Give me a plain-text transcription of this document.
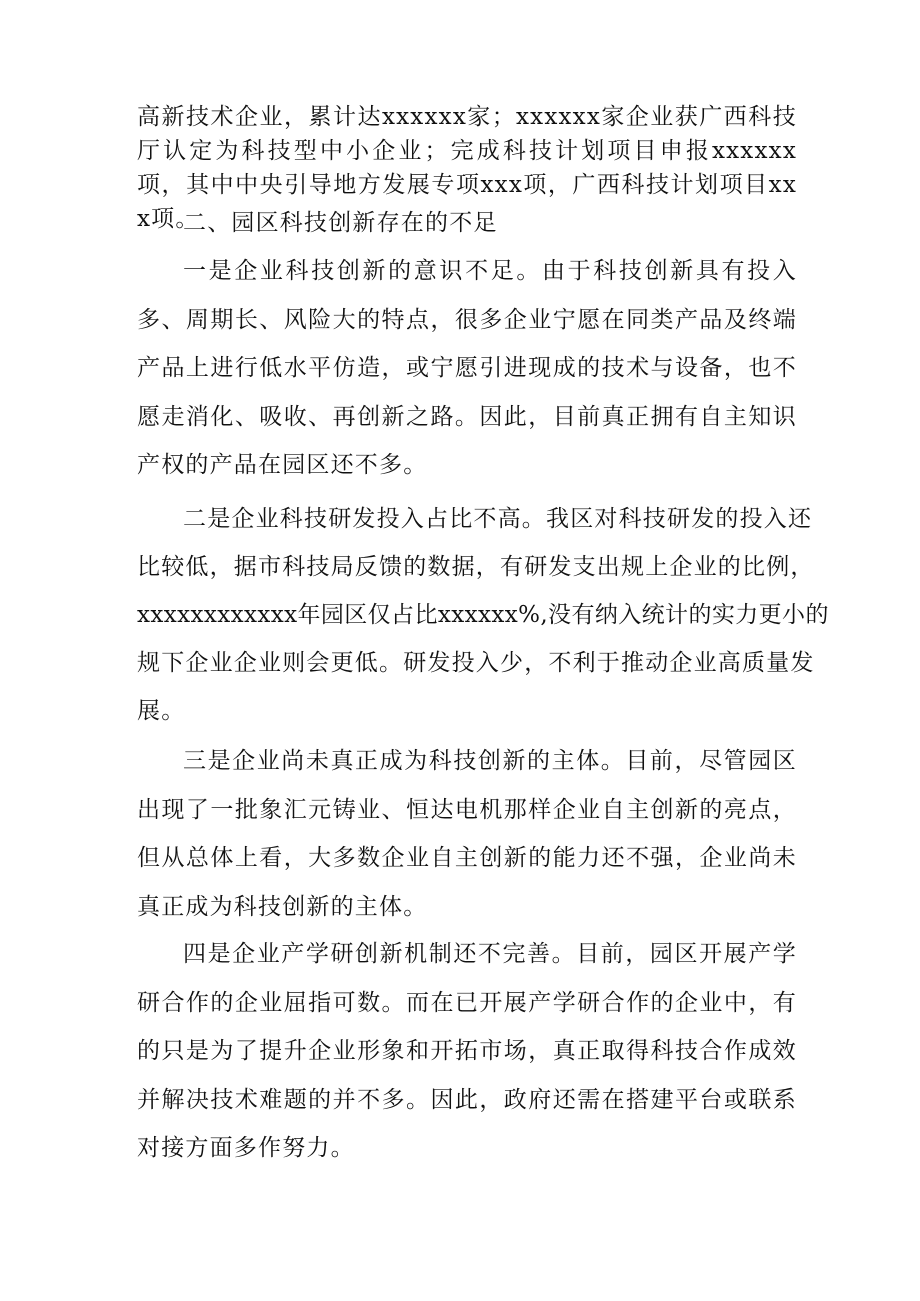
高新技术企业，累计达xxxxxx家；xxxxxx家企业获广西科技厅认定为科技型中小企业；完成科技计划项目申报xxxxxx项，其中中央引导地方发展专项xxx项，广西科技计划项目xxx项。

二、园区科技创新存在的不足

一是企业科技创新的意识不足。由于科技创新具有投入多、周期长、风险大的特点，很多企业宁愿在同类产品及终端产品上进行低水平仿造，或宁愿引进现成的技术与设备，也不愿走消化、吸收、再创新之路。因此，目前真正拥有自主知识产权的产品在园区还不多。

二是企业科技研发投入占比不高。我区对科技研发的投入还

比较低，据市科技局反馈的数据，有研发支出规上企业的比例，

xxxxxxxxxxxx年园区仅占比xxxxxx%,没有纳入统计的实力更小的

规下企业企业则会更低。研发投入少，不利于推动企业高质量发

展。

三是企业尚未真正成为科技创新的主体。目前，尽管园区出现了一批象汇元铸业、恒达电机那样企业自主创新的亮点，但从总体上看，大多数企业自主创新的能力还不强，企业尚未真正成为科技创新的主体。

四是企业产学研创新机制还不完善。目前，园区开展产学研合作的企业屈指可数。而在已开展产学研合作的企业中，有的只是为了提升企业形象和开拓市场，真正取得科技合作成效并解决技术难题的并不多。因此，政府还需在搭建平台或联系对接方面多作努力。
